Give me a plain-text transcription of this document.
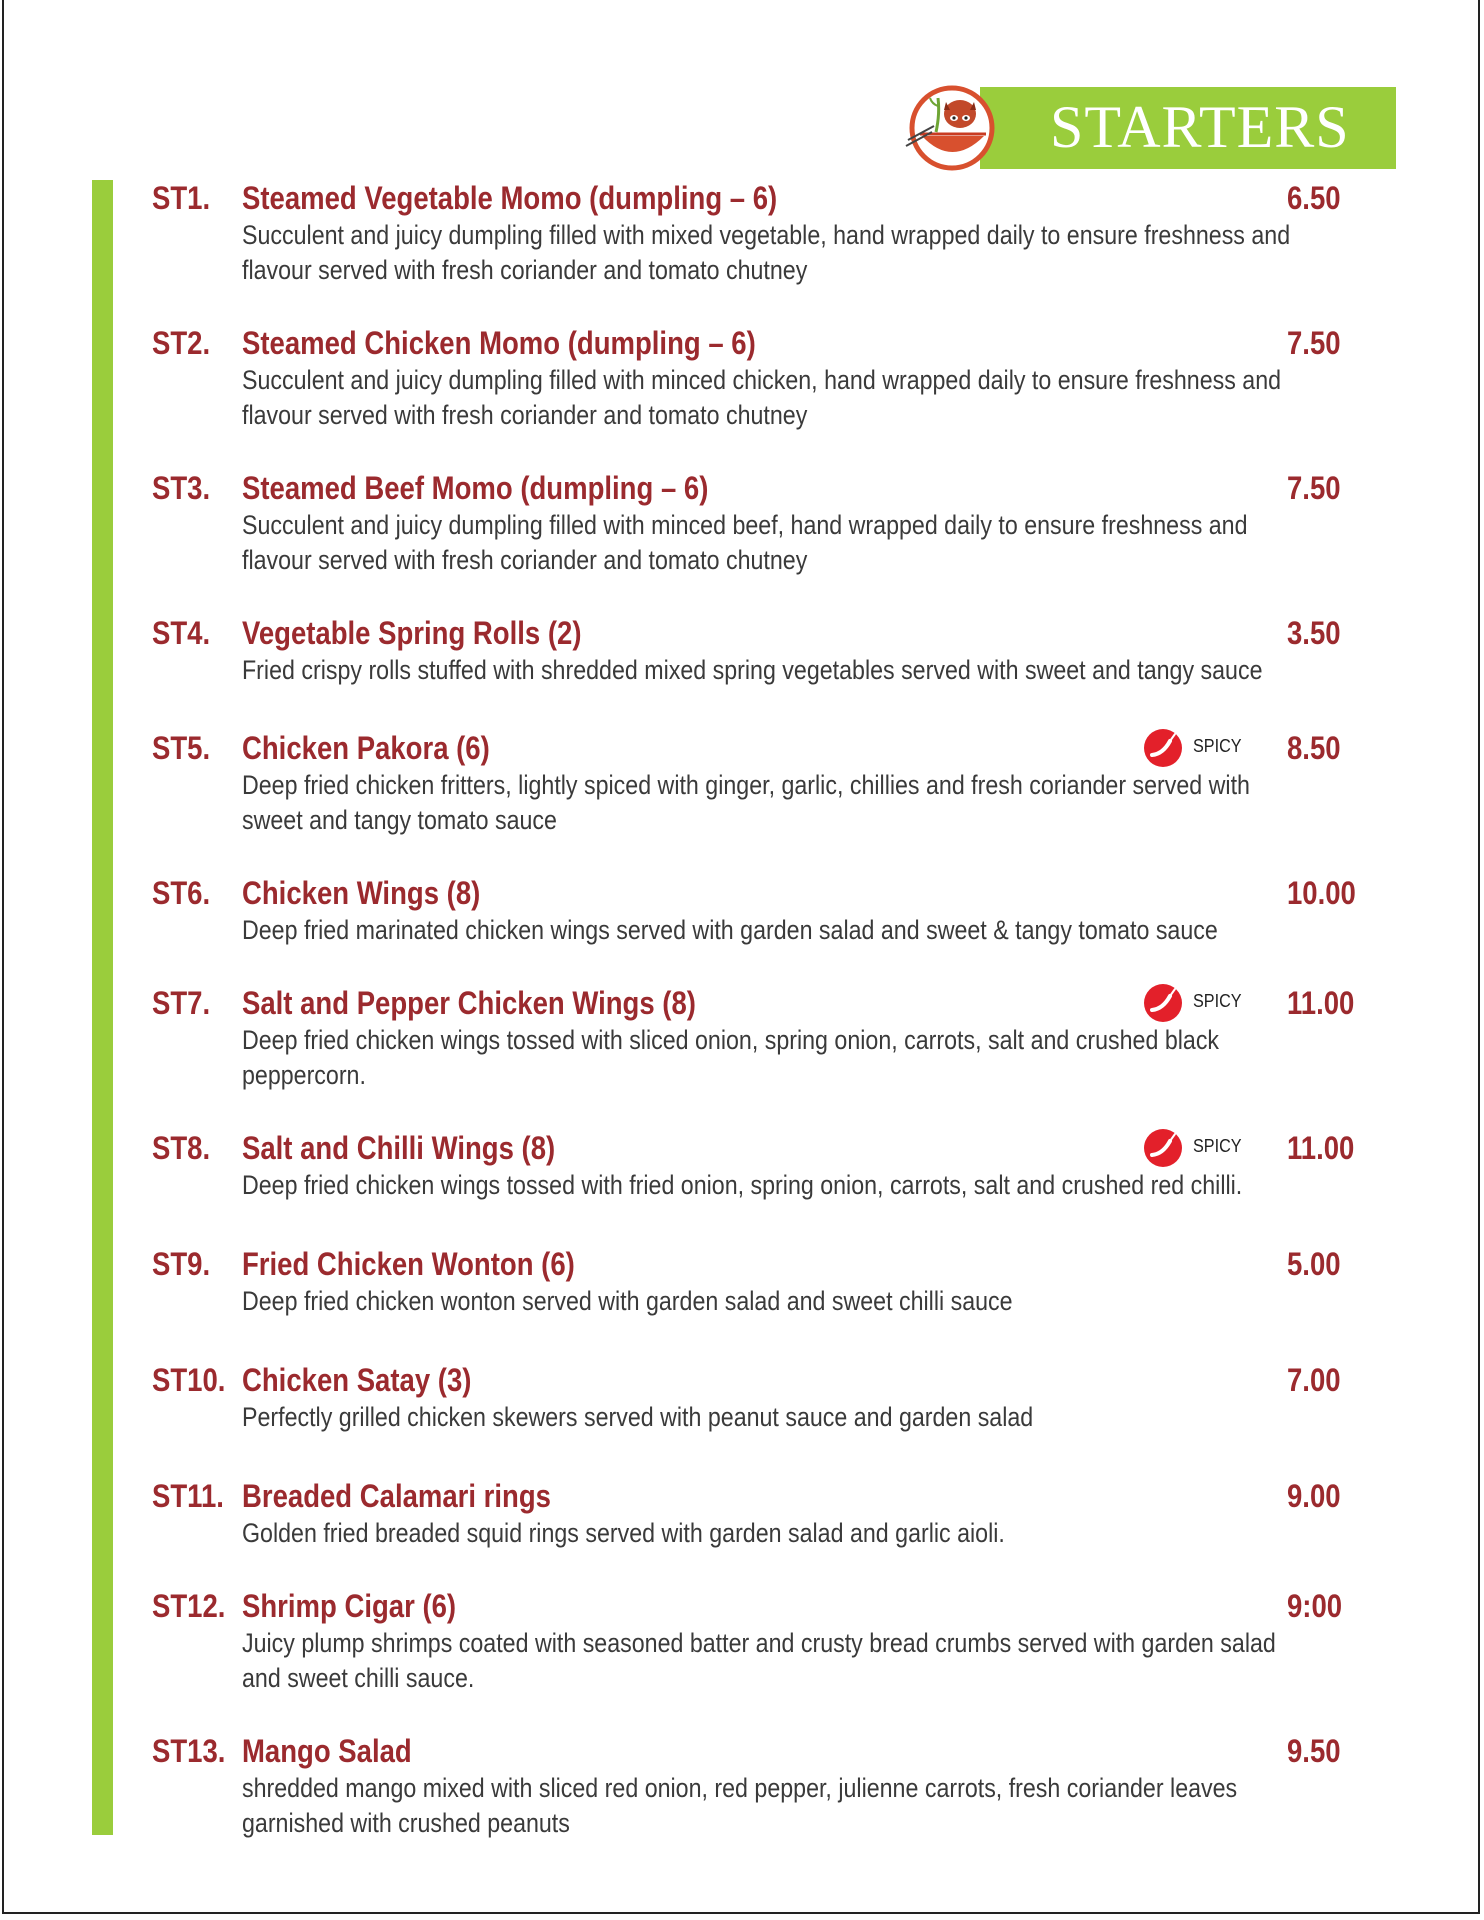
STARTERS
ST1. Steamed Vegetable Momo (dumpling – 6)	6.50
Succulent and juicy dumpling filled with mixed vegetable, hand wrapped daily to ensure freshness and
flavour served with fresh coriander and tomato chutney
ST2. Steamed Chicken Momo (dumpling – 6)	7.50
Succulent and juicy dumpling filled with minced chicken, hand wrapped daily to ensure freshness and
flavour served with fresh coriander and tomato chutney
ST3. Steamed Beef Momo (dumpling – 6)	7.50
Succulent and juicy dumpling filled with minced beef, hand wrapped daily to ensure freshness and
flavour served with fresh coriander and tomato chutney
ST4. Vegetable Spring Rolls (2)	3.50
Fried crispy rolls stuffed with shredded mixed spring vegetables served with sweet and tangy sauce
ST5. Chicken Pakora (6)	SPICY 8.50
Deep fried chicken fritters, lightly spiced with ginger, garlic, chillies and fresh coriander served with
sweet and tangy tomato sauce
ST6. Chicken Wings (8)	10.00
Deep fried marinated chicken wings served with garden salad and sweet & tangy tomato sauce
ST7. Salt and Pepper Chicken Wings (8)	SPICY 11.00
Deep fried chicken wings tossed with sliced onion, spring onion, carrots, salt and crushed black
peppercorn.
ST8. Salt and Chilli Wings (8)	SPICY 11.00
Deep fried chicken wings tossed with fried onion, spring onion, carrots, salt and crushed red chilli.
ST9. Fried Chicken Wonton (6)	5.00
Deep fried chicken wonton served with garden salad and sweet chilli sauce
ST10. Chicken Satay (3)	7.00
Perfectly grilled chicken skewers served with peanut sauce and garden salad
ST11. Breaded Calamari rings	9.00
Golden fried breaded squid rings served with garden salad and garlic aioli.
ST12. Shrimp Cigar (6)	9:00
Juicy plump shrimps coated with seasoned batter and crusty bread crumbs served with garden salad
and sweet chilli sauce.
ST13. Mango Salad	9.50
shredded mango mixed with sliced red onion, red pepper, julienne carrots, fresh coriander leaves
garnished with crushed peanuts
